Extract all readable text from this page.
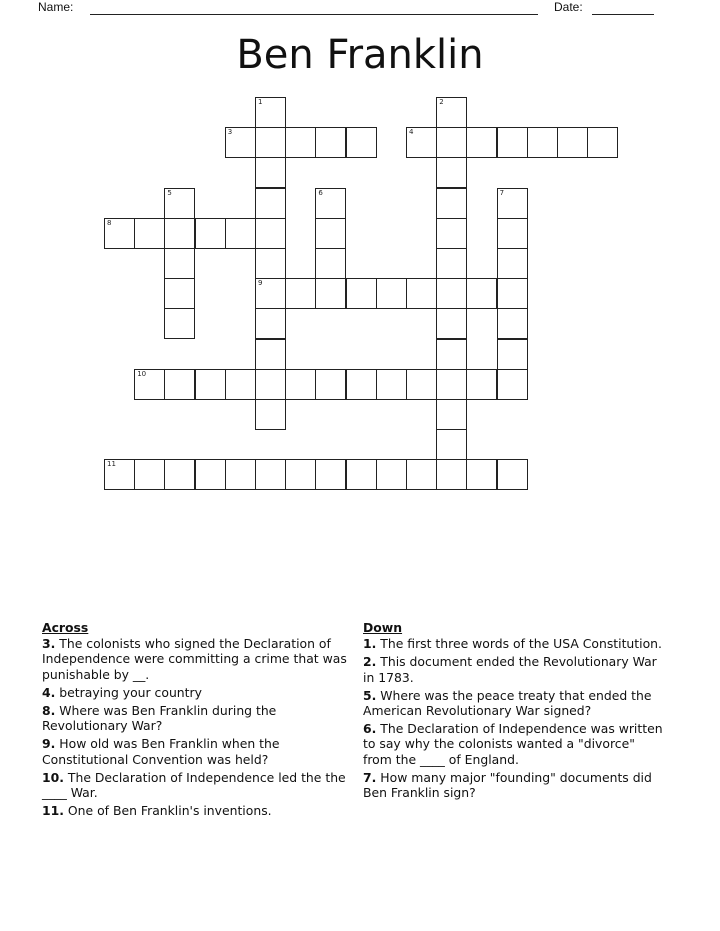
Name:	Date:
Ben Franklin
1
9
2
3	4
5	6	7
8
10
11
Across
3. The colonists who signed the Declaration of Independence were committing a crime that was punishable by __.
4. betraying your country
8. Where was Ben Franklin during the Revolutionary War?
9. How old was Ben Franklin when the Constitutional Convention was held?
10. The Declaration of Independence led the the ____ War.
11. One of Ben Franklin's inventions.
Down
1. The first three words of the USA Constitution.
2. This document ended the Revolutionary War in 1783.
5. Where was the peace treaty that ended the American Revolutionary War signed?
6. The Declaration of Independence was written to say why the colonists wanted a "divorce" from the ____ of England.
7. How many major "founding" documents did Ben Franklin sign?
